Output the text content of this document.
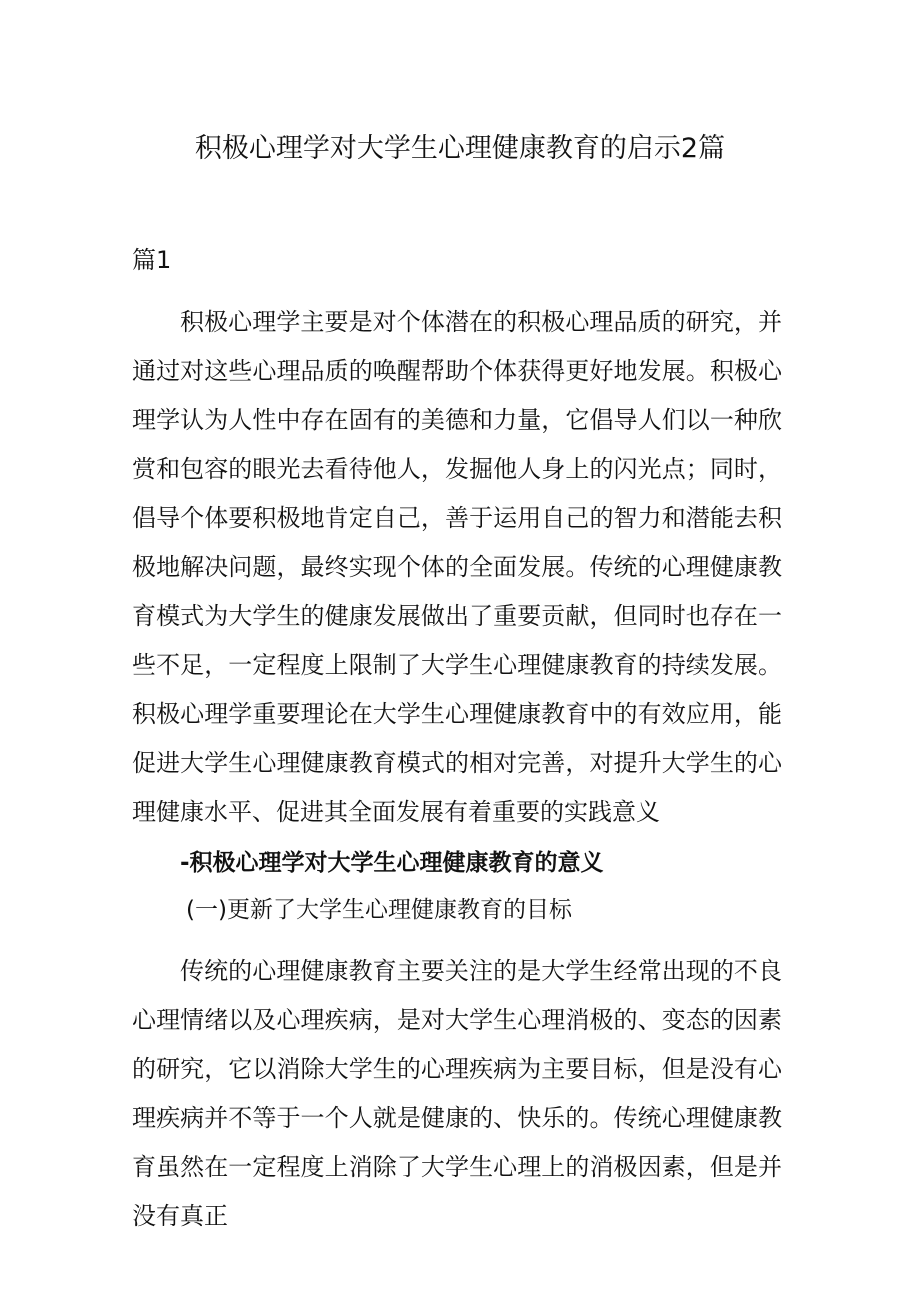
积极心理学对大学生心理健康教育的启示2篇
篇1

积极心理学主要是对个体潜在的积极心理品质的研究，并通过对这些心理品质的唤醒帮助个体获得更好地发展。积极心理学认为人性中存在固有的美德和力量，它倡导人们以一种欣赏和包容的眼光去看待他人，发掘他人身上的闪光点；同时，倡导个体要积极地肯定自己，善于运用自己的智力和潜能去积极地解决问题，最终实现个体的全面发展。传统的心理健康教育模式为大学生的健康发展做出了重要贡献，但同时也存在一些不足，一定程度上限制了大学生心理健康教育的持续发展。积极心理学重要理论在大学生心理健康教育中的有效应用，能促进大学生心理健康教育模式的相对完善，对提升大学生的心理健康水平、促进其全面发展有着重要的实践意义

-积极心理学对大学生心理健康教育的意义
(一)更新了大学生心理健康教育的目标

传统的心理健康教育主要关注的是大学生经常出现的不良心理情绪以及心理疾病，是对大学生心理消极的、变态的因素的研究，它以消除大学生的心理疾病为主要目标，但是没有心理疾病并不等于一个人就是健康的、快乐的。传统心理健康教育虽然在一定程度上消除了大学生心理上的消极因素，但是并没有真正
